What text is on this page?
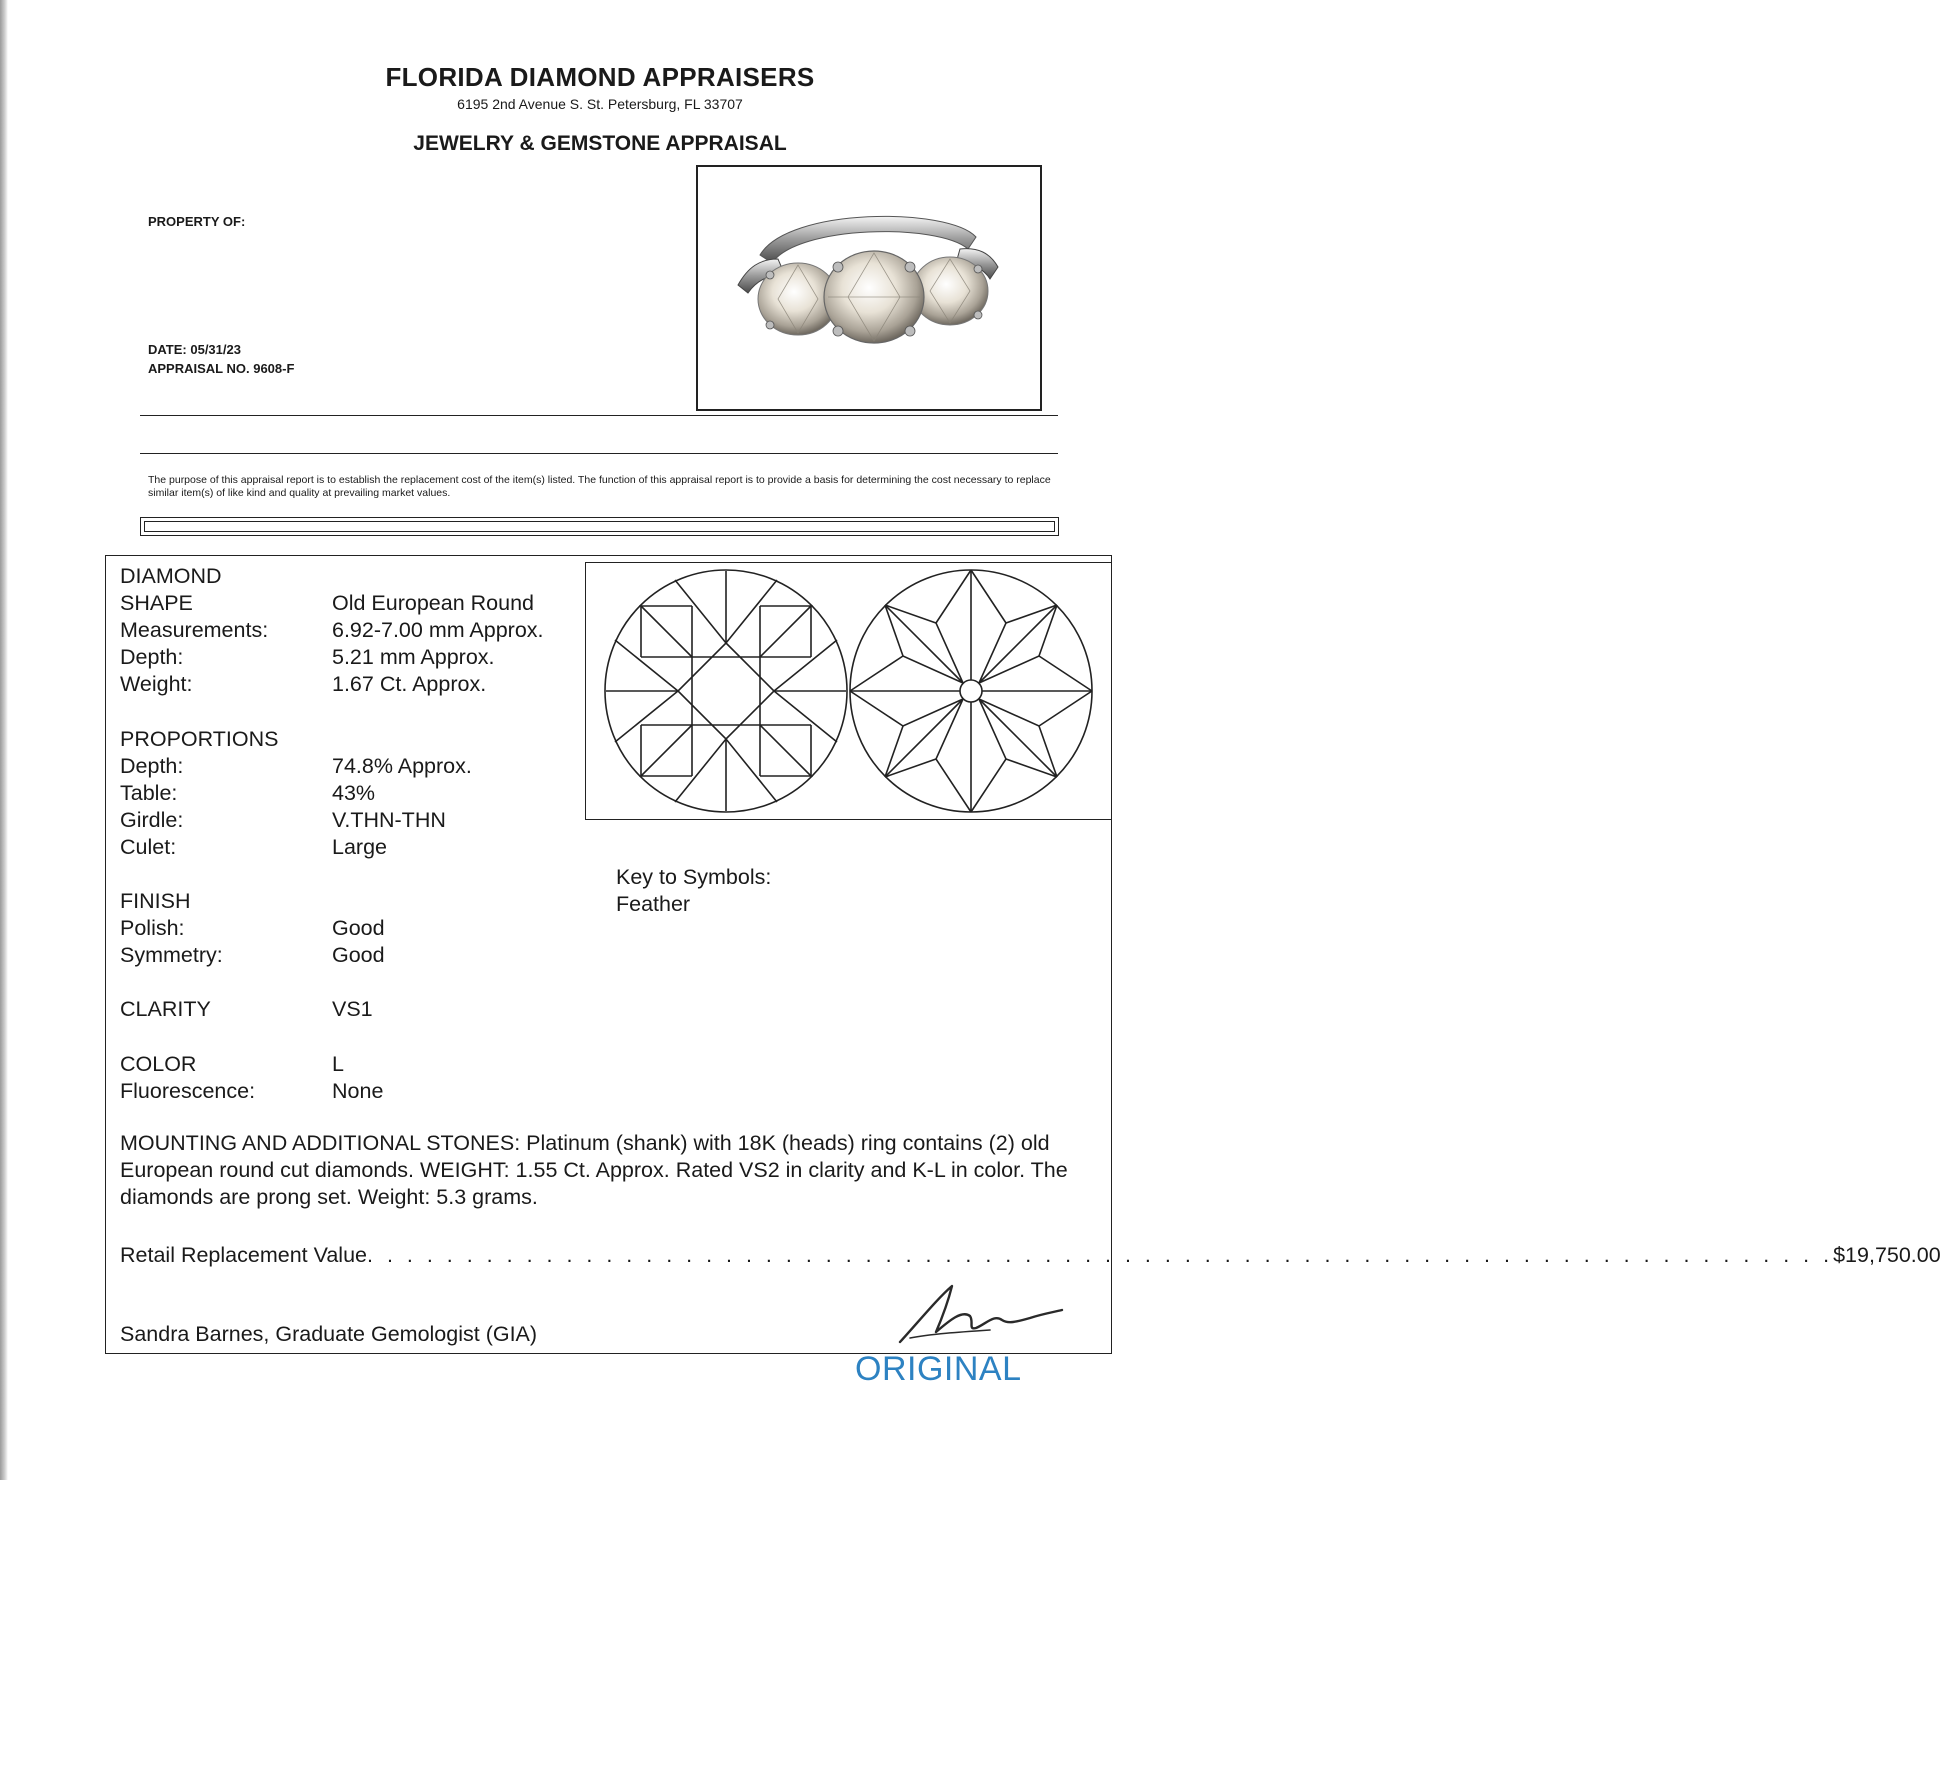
FLORIDA DIAMOND APPRAISERS
6195 2nd Avenue S. St. Petersburg, FL 33707
JEWELRY & GEMSTONE APPRAISAL
PROPERTY OF:
DATE: 05/31/23
APPRAISAL NO. 9608-F
The purpose of this appraisal report is to establish the replacement cost of the item(s) listed. The function of this appraisal report is to provide a basis for determining the cost necessary to replace similar item(s) of like kind and quality at prevailing market values.
DIAMOND
SHAPE	Old European Round
Measurements:	6.92-7.00 mm Approx.
Depth:	5.21 mm Approx.
Weight:	1.67 Ct. Approx.
PROPORTIONS
Depth:	74.8% Approx.
Table:	43%
Girdle:	V.THN-THN
Culet:	Large
FINISH
Polish:	Good
Symmetry:	Good
CLARITY	VS1
COLOR	L
Fluorescence:	None
Key to Symbols:
Feather
MOUNTING AND ADDITIONAL STONES: Platinum (shank) with 18K (heads) ring contains (2) old European round cut diamonds. WEIGHT: 1.55 Ct. Approx. Rated VS2 in clarity and K-L in color. The diamonds are prong set. Weight: 5.3 grams.
Retail Replacement Value . . . . . . . . . . . . . . . . . . . . . . . . . . . . . . . . . . . . . . . . . . . . . . . . . . . . . . . . . . . . . . . . . . . . . . . . . . $19,750.00
Sandra Barnes, Graduate Gemologist (GIA)
ORIGINAL
